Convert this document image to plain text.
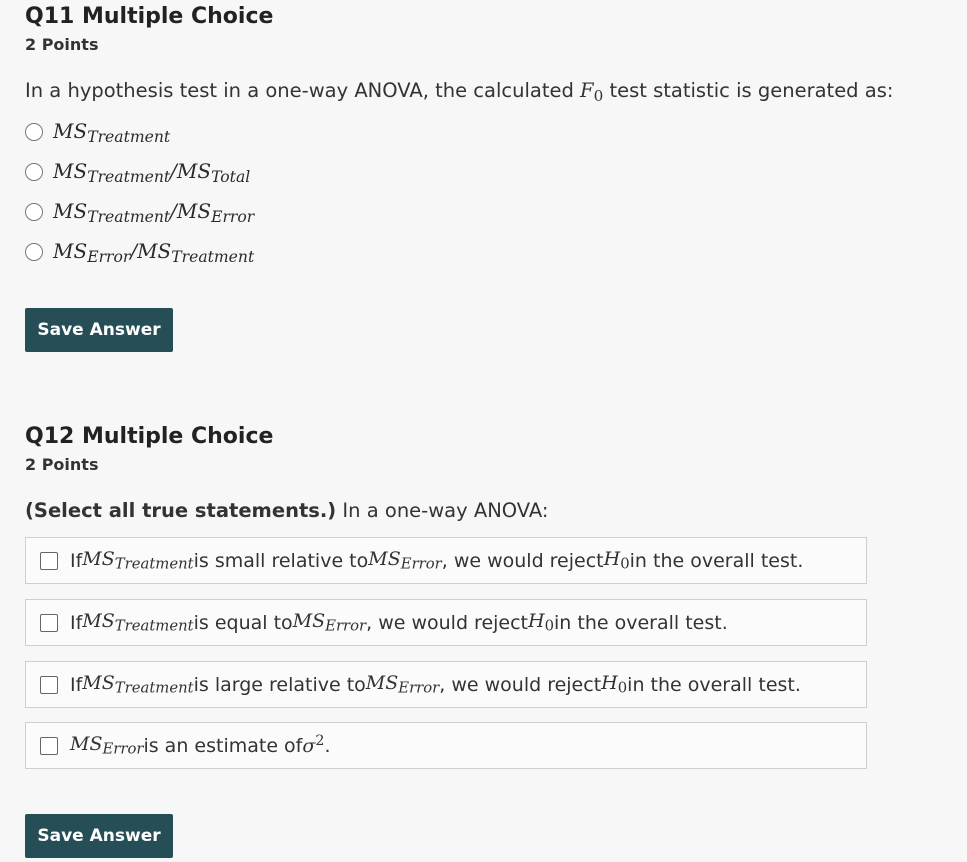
Q11 Multiple Choice
2 Points
In a hypothesis test in a one-way ANOVA, the calculated $F_0$ test statistic is generated as:
$MS_{Treatment}$
$MS_{Treatment}/MS_{Total}$
$MS_{Treatment}/MS_{Error}$
$MS_{Error}/MS_{Treatment}$
Save Answer
Q12 Multiple Choice
2 Points
(Select all true statements.) In a one-way ANOVA:
If $MS_{Treatment}$ is small relative to $MS_{Error}$ , we would reject $H_0$ in the overall test.
If $MS_{Treatment}$ is equal to $MS_{Error}$ , we would reject $H_0$ in the overall test.
If $MS_{Treatment}$ is large relative to $MS_{Error}$ , we would reject $H_0$ in the overall test.
$MS_{Error}$ is an estimate of $\sigma^2$ .
Save Answer
